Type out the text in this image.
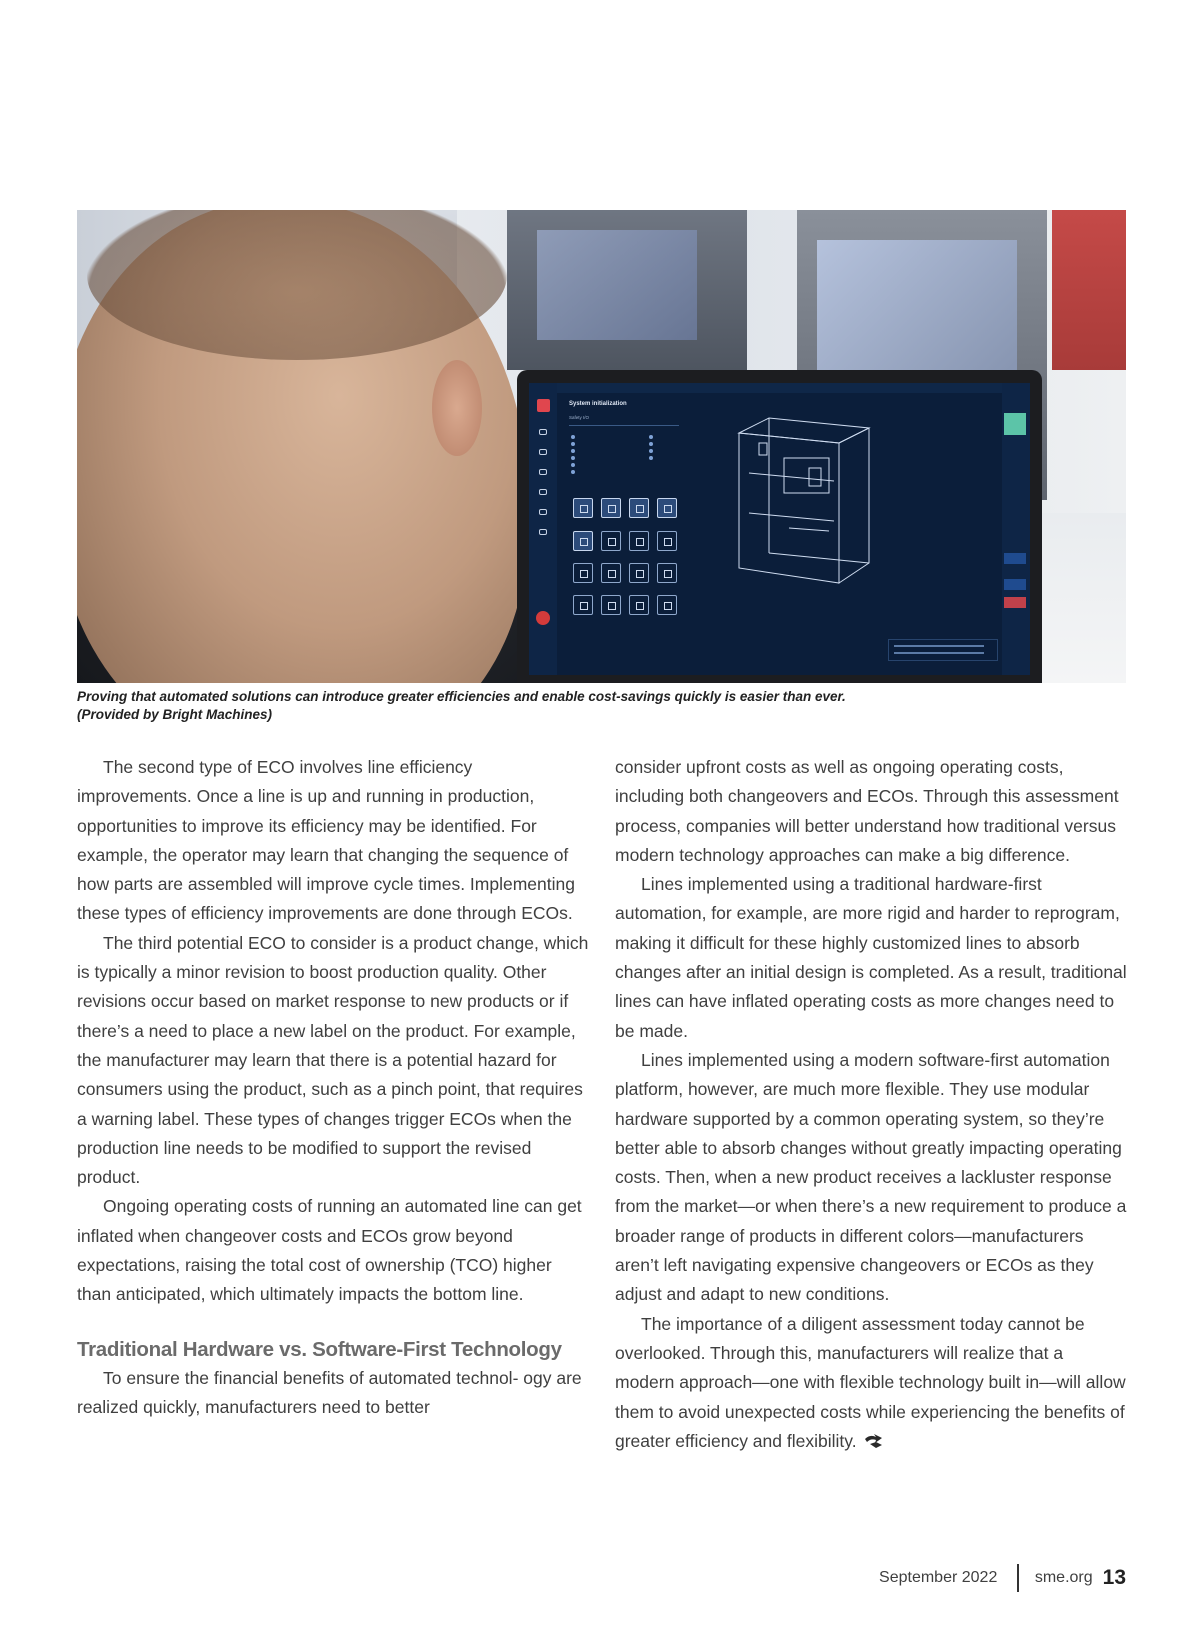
System initialization
Safety I/O
Proving that automated solutions can introduce greater efficiencies and enable cost-savings quickly is easier than ever.
(Provided by Bright Machines)

The second type of ECO involves line efficiency improvements. Once a line is up and running in production, opportunities to improve its efficiency may be identified. For example, the operator may learn that changing the sequence of how parts are assembled will improve cycle times. Implementing these types of efficiency improvements are done through ECOs.

The third potential ECO to consider is a product change, which is typically a minor revision to boost production quality. Other revisions occur based on market response to new products or if there’s a need to place a new label on the product. For example, the manufacturer may learn that there is a potential hazard for consumers using the product, such as a pinch point, that requires a warning label. These types of changes trigger ECOs when the production line needs to be modified to support the revised product.

Ongoing operating costs of running an automated line can get inflated when changeover costs and ECOs grow beyond expectations, raising the total cost of ownership (TCO) higher than anticipated, which ultimately impacts the bottom line.

Traditional Hardware vs. Software-First Technology

To ensure the financial benefits of automated technol- ogy are realized quickly, manufacturers need to better

consider upfront costs as well as ongoing operating costs, including both changeovers and ECOs. Through this assessment process, companies will better understand how traditional versus modern technology approaches can make a big difference.

Lines implemented using a traditional hardware-first automation, for example, are more rigid and harder to reprogram, making it difficult for these highly customized lines to absorb changes after an initial design is completed. As a result, traditional lines can have inflated operating costs as more changes need to be made.

Lines implemented using a modern software-first automation platform, however, are much more flexible. They use modular hardware supported by a common operating system, so they’re better able to absorb changes without greatly impacting operating costs. Then, when a new product receives a lackluster response from the market—or when there’s a new requirement to produce a broader range of products in different colors—manufacturers aren’t left navigating expensive changeovers or ECOs as they adjust and adapt to new conditions.

The importance of a diligent assessment today cannot be overlooked. Through this, manufacturers will realize that a modern approach—one with flexible technology built in—will allow them to avoid unexpected costs while experiencing the benefits of greater efficiency and flexibility.

September 2022 sme.org 13
